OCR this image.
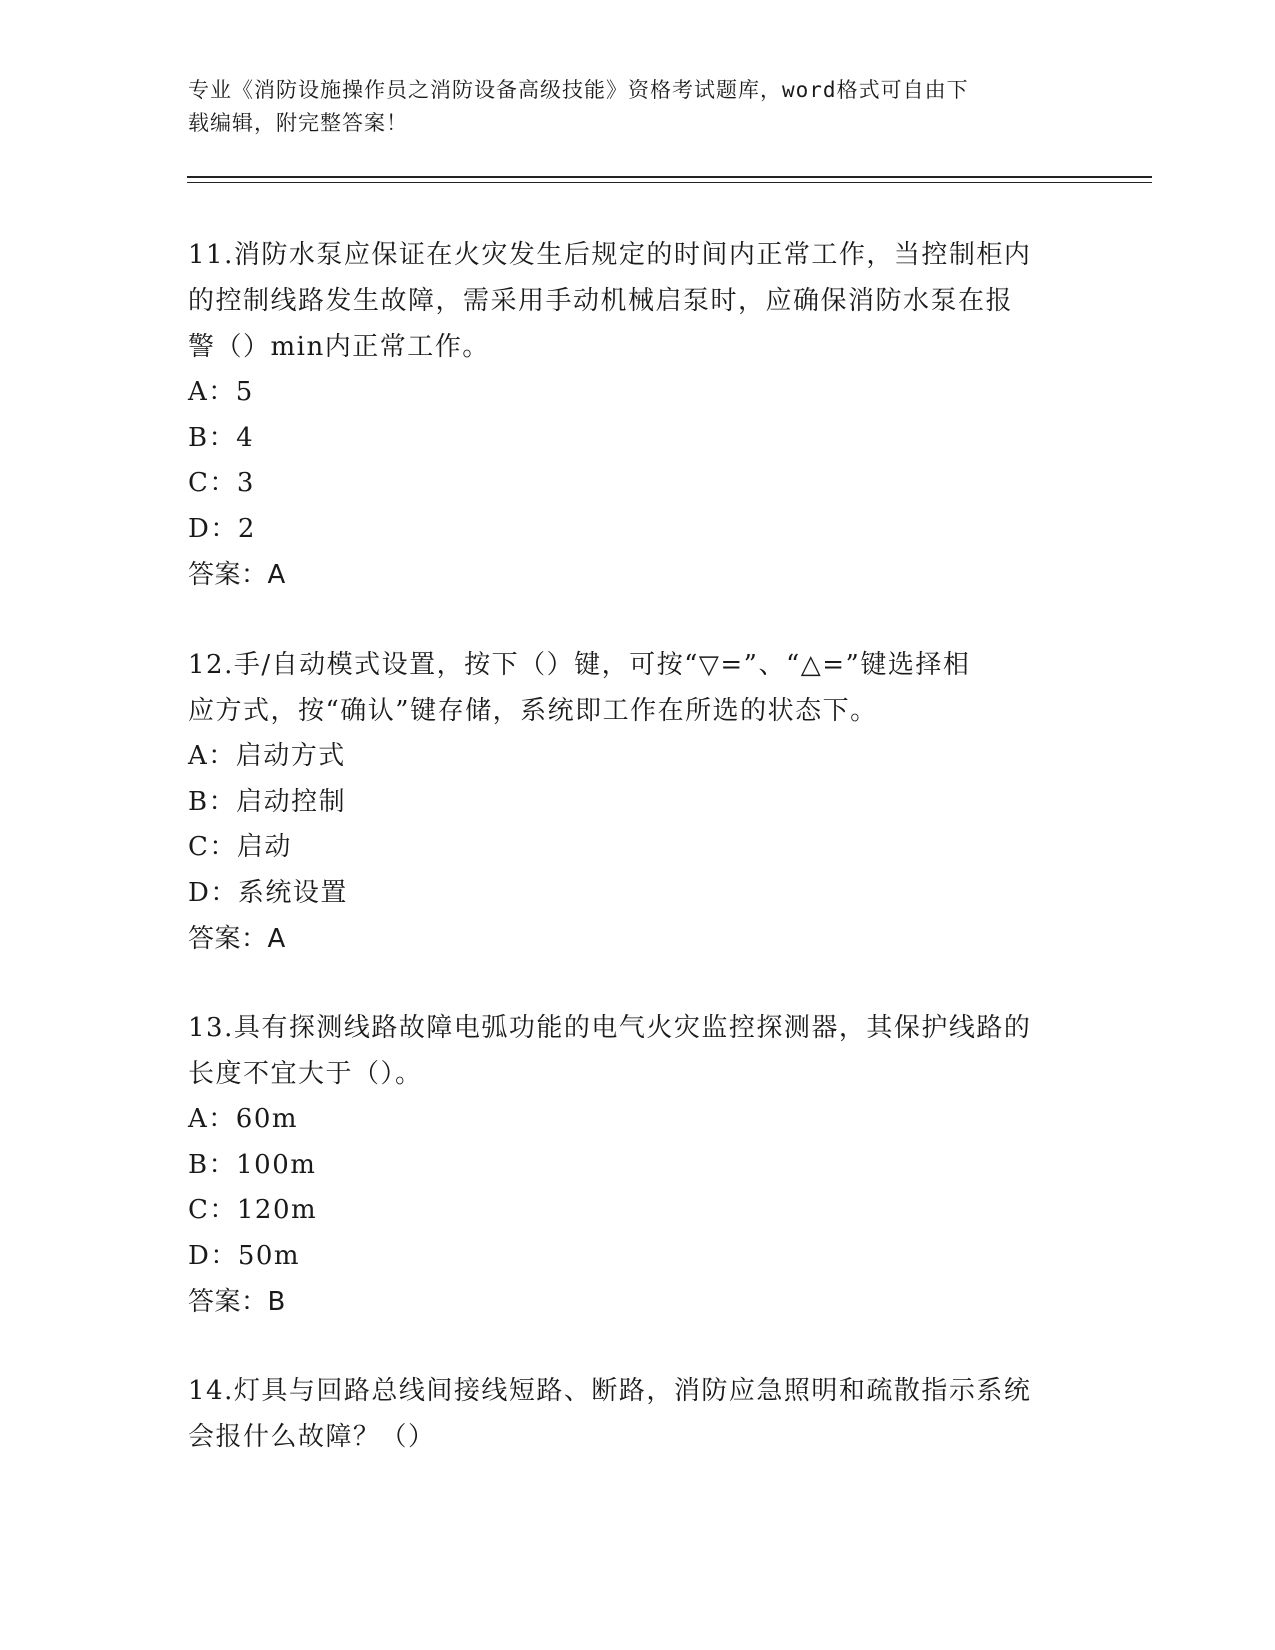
专业《消防设施操作员之消防设备高级技能》资格考试题库，word格式可自由下
载编辑，附完整答案！

11.消防水泵应保证在火灾发生后规定的时间内正常工作，当控制柜内

的控制线路发生故障，需采用手动机械启泵时，应确保消防水泵在报

警（）min内正常工作。

A：5

B：4

C：3

D：2

答案：A

12.手/自动模式设置，按下（）键，可按“▽=”、“△=”键选择相

应方式，按“确认”键存储，系统即工作在所选的状态下。

A：启动方式

B：启动控制

C：启动

D：系统设置

答案：A

13.具有探测线路故障电弧功能的电气火灾监控探测器，其保护线路的

长度不宜大于（）。

A：60m

B：100m

C：120m

D：50m

答案：B

14.灯具与回路总线间接线短路、断路，消防应急照明和疏散指示系统

会报什么故障？（）
